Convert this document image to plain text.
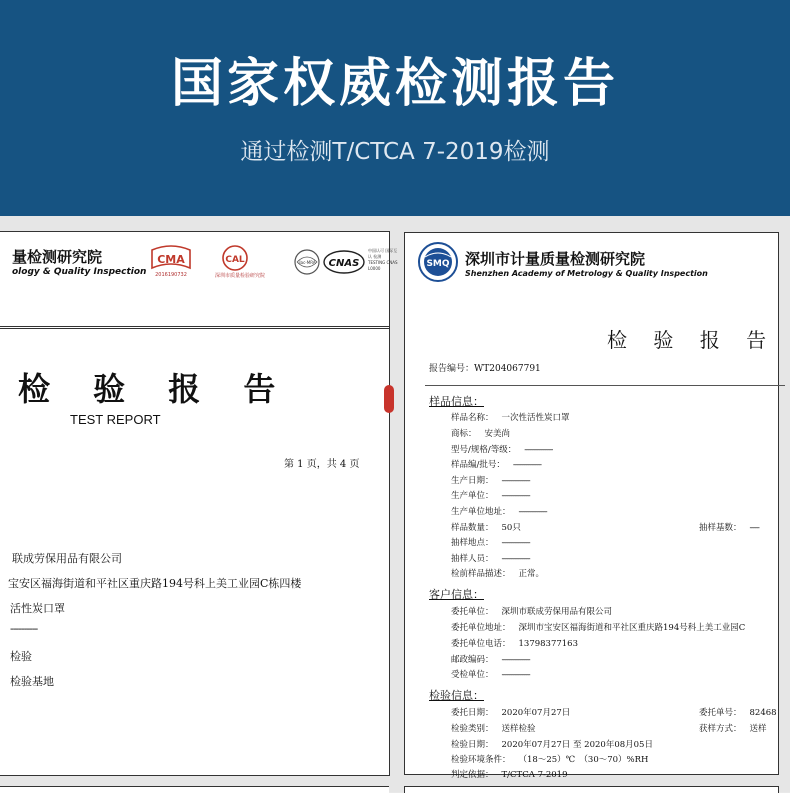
国家权威检测报告
通过检测T/CTCA 7-2019检测
量检测研究院
ology & Quality Inspection
CMA
2016190732
CAL
深圳市质量检验研究院
ilac-MRA CNAS
中国认可 国际互认 检测 TESTING CNAS L0000
检 验 报 告
TEST REPORT
第 1 页，共 4 页
联成劳保用品有限公司
宝安区福海街道和平社区重庆路194号科上美工业园C栋四楼
活性炭口罩
----------
检验
检验基地
SMQ 深圳市计量质量检测研究院
Shenzhen Academy of Metrology & Quality Inspection
检 验 报 告
报告编号：WT204067791
样品信息：
样品名称： 一次性活性炭口罩
商标： 安美尚
型号/规格/等级： ---------------
样品编/批号： ---------------
生产日期： ---------------
生产单位： ---------------
生产单位地址： ---------------
样品数量： 50只	抽样基数： -----
抽样地点： ---------------
抽样人员： ---------------
检前样品描述： 正常。
客户信息：
委托单位： 深圳市联成劳保用品有限公司
委托单位地址： 深圳市宝安区福海街道和平社区重庆路194号科上美工业园C
委托单位电话： 13798377163
邮政编码： ---------------
受检单位： ---------------
检验信息：
委托日期： 2020年07月27日	委托单号： 82468
检验类别： 送样检验	获样方式： 送样
检验日期： 2020年07月27日 至 2020年08月05日
检验环境条件： （18～25）℃　（30～70）%RH
判定依据： T/CTCA 7-2019
